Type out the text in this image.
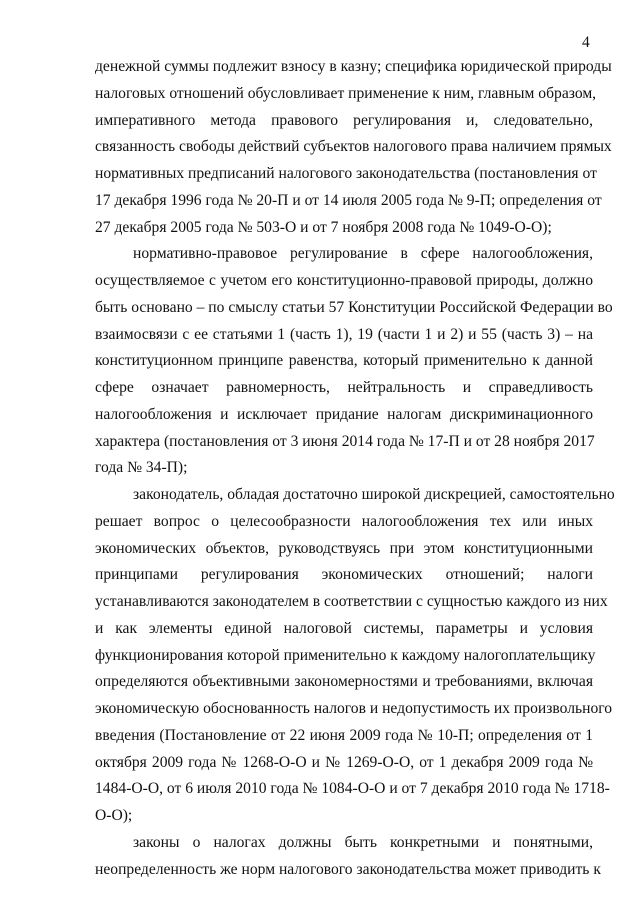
4
денежной суммы подлежит взносу в казну; специфика юридической природы
налоговых отношений обусловливает применение к ним, главным образом,
императивного метода правового регулирования и, следовательно,
связанность свободы действий субъектов налогового права наличием прямых
нормативных предписаний налогового законодательства (постановления от
17 декабря 1996 года № 20-П и от 14 июля 2005 года № 9-П; определения от
27 декабря 2005 года № 503-О и от 7 ноября 2008 года № 1049-О-О);
нормативно-правовое регулирование в сфере налогообложения,
осуществляемое с учетом его конституционно-правовой природы, должно
быть основано – по смыслу статьи 57 Конституции Российской Федерации во
взаимосвязи с ее статьями 1 (часть 1), 19 (части 1 и 2) и 55 (часть 3) – на
конституционном принципе равенства, который применительно к данной
сфере означает равномерность, нейтральность и справедливость
налогообложения и исключает придание налогам дискриминационного
характера (постановления от 3 июня 2014 года № 17-П и от 28 ноября 2017
года № 34-П);
законодатель, обладая достаточно широкой дискрецией, самостоятельно
решает вопрос о целесообразности налогообложения тех или иных
экономических объектов, руководствуясь при этом конституционными
принципами регулирования экономических отношений; налоги
устанавливаются законодателем в соответствии с сущностью каждого из них
и как элементы единой налоговой системы, параметры и условия
функционирования которой применительно к каждому налогоплательщику
определяются объективными закономерностями и требованиями, включая
экономическую обоснованность налогов и недопустимость их произвольного
введения (Постановление от 22 июня 2009 года № 10-П; определения от 1
октября 2009 года № 1268-О-О и № 1269-О-О, от 1 декабря 2009 года №
1484-О-О, от 6 июля 2010 года № 1084-О-О и от 7 декабря 2010 года № 1718-
О-О);
законы о налогах должны быть конкретными и понятными,
неопределенность же норм налогового законодательства может приводить к
